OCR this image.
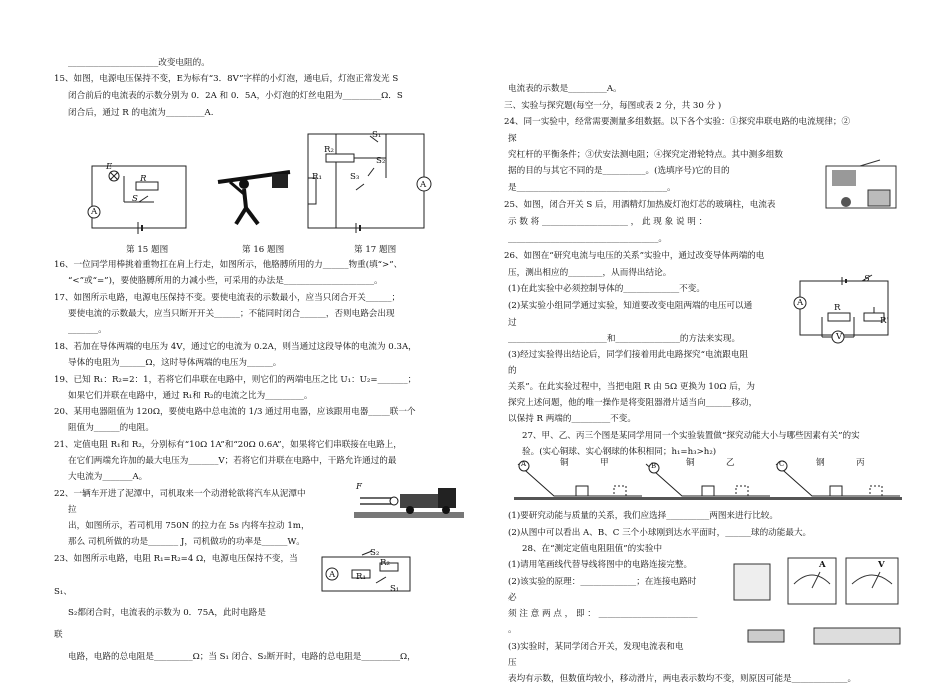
_____________________改变电阻的。
15、如图，电源电压保持不变，E为标有“3．8V”字样的小灯泡，通电后，灯泡正常发光 S
闭合前后的电流表的示数分别为 0．2A 和 0．5A，小灯泡的灯丝电阻为_________Ω．S
闭合后，通过 R 的电流为_________A.
E
R
S
A
S₁
R₂
S₂
R₁	S₃
A
第 15 题图	第 16 题图	第 17 题图
16、一位同学用棒挑着重物扛在肩上行走，如图所示，他胳膊所用的力______物重(填“>”、
“<”或“=”)，要使胳膊所用的力减小些，可采用的办法是_____________________。
17、如图所示电路，电源电压保持不变。要使电流表的示数最小，应当只闭合开关______；
要使电流的示数最大，应当只断开开关______；不能同时闭合______，否则电路会出现
_______。
18、若加在导体两端的电压为 4V，通过它的电流为 0.2A，则当通过这段导体的电流为 0.3A，
导体的电阻为______Ω，这时导体两端的电压为______。
19、已知 R₁：R₂=2：1，若将它们串联在电路中，则它们的两端电压之比 U₁：U₂=_______；
如果它们并联在电路中，通过 R₁和 R₂的电流之比为_________。
20、某用电器阻值为 120Ω，要使电路中总电流的 1/3 通过用电器，应该跟用电器_____联一个
阻值为______的电阻。
21、定值电阻 R₁和 R₂，分别标有“10Ω 1A”和“20Ω 0.6A”，如果将它们串联接在电路上，
在它们两端允许加的最大电压为_______V；若将它们并联在电路中，干路允许通过的最
大电流为_______A。
22、一辆车开进了泥潭中，司机取来一个动滑轮欲将汽车从泥潭中
拉
出，如图所示，若司机用 750N 的拉力在 5s 内将车拉动 1m，
那么 司机所做的功是_______ J，司机做功的功率是______W。
F
23、如图所示电路，电阻 R₁=R₂=4 Ω，电源电压保持不变，当
S₂
A
R₂
R₁
S₁
S₁、
S₂都闭合时，电流表的示数为 0．75A，此时电路是
联
电路，电路的总电阻是_________Ω；当 S₁ 闭合、S₂断开时，电路的总电阻是_________Ω，
电流表的示数是_________A。
三、实验与探究题(每空一分，每图或表 2 分，共 30 分 )
24、同一实验中，经常需要测量多组数据。以下各个实验：①探究串联电路的电流规律；②
探
究杠杆的平衡条件；③伏安法测电阻；④探究定滑轮特点。其中测多组数
据的目的与其它不同的是__________。(选填序号)它的目的
是___________________________________。
25、如图，闭合开关 S 后，用酒精灯加热废灯泡灯芯的玻璃柱，电流表
示 数 将 ____________________ ， 此 现 象 说 明 ：
___________________________________。
26、如图在“研究电流与电压的关系”实验中，通过改变导体两端的电
压，测出相应的________，从而得出结论。
(1)在此实验中必须控制导体的_____________不变。
(2)某实验小组同学通过实验，知道要改变电阻两端的电压可以通
过
_______________________和_______________的方法来实现。
(3)经过实验得出结论后，同学们接着用此电路探究“电流跟电阻
的
关系”。在此实验过程中，当把电阻 R 由 5Ω 更换为 10Ω 后，为
探究上述问题，他的唯一操作是将变阻器滑片适当向______移动，
以保持 R 两端的_________不变。
S
A	R
R'
V
27、甲、乙、丙三个图是某同学用同一个实验装置做“探究动能大小与哪些因素有关”的实
验。(实心铜球、实心钢球的体积相同；h₁=h₃>h₂)
A	B	C
铜	甲	铜	乙	钢	丙
(1)要研究动能与质量的关系，我们应选择__________两图来进行比较。
(2)从图中可以看出 A、B、C 三个小球刚到达水平面时，______球的动能最大。
28、在“测定定值电阻阻值”的实验中
(1)请用笔画线代替导线将图中的电路连接完整。
(2)该实验的原理：_____________；在连接电路时
必
须 注 意 两 点 ， 即 ： _______________________
。
(3)实验时，某同学闭合开关，发现电流表和电
压
表均有示数，但数值均较小，移动滑片，两电表示数均不变，则原因可能是_____________。
A	V
